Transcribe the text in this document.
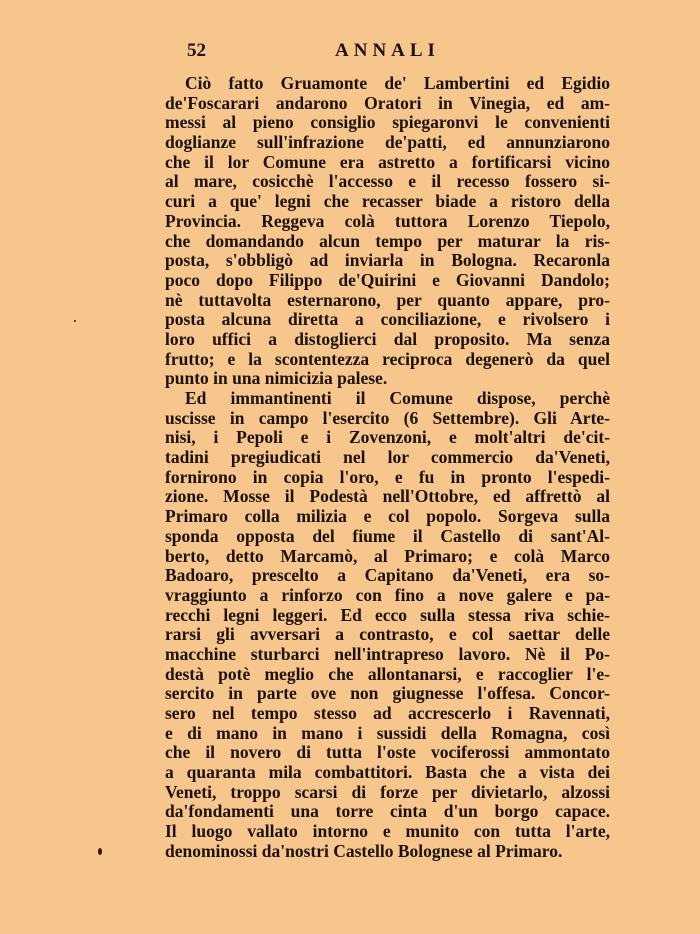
52	ANNALI
Ciò fatto Gruamonte de' Lambertini ed Egidio
de'Foscarari andarono Oratori in Vinegia, ed am-
messi al pieno consiglio spiegaronvi le convenienti
doglianze sull'infrazione de'patti, ed annunziarono
che il lor Comune era astretto a fortificarsi vicino
al mare, cosicchè l'accesso e il recesso fossero si-
curi a que' legni che recasser biade a ristoro della
Provincia. Reggeva colà tuttora Lorenzo Tiepolo,
che domandando alcun tempo per maturar la ris-
posta, s'obbligò ad inviarla in Bologna. Recaronla
poco dopo Filippo de'Quirini e Giovanni Dandolo;
nè tuttavolta esternarono, per quanto appare, pro-
posta alcuna diretta a conciliazione, e rivolsero i
loro uffici a distoglierci dal proposito. Ma senza
frutto; e la scontentezza reciproca degenerò da quel
punto in una nimicizia palese.
Ed immantinenti il Comune dispose, perchè
uscisse in campo l'esercito (6 Settembre). Gli Arte-
nisi, i Pepoli e i Zovenzoni, e molt'altri de'cit-
tadini pregiudicati nel lor commercio da'Veneti,
fornirono in copia l'oro, e fu in pronto l'espedi-
zione. Mosse il Podestà nell'Ottobre, ed affrettò al
Primaro colla milizia e col popolo. Sorgeva sulla
sponda opposta del fiume il Castello di sant'Al-
berto, detto Marcamò, al Primaro; e colà Marco
Badoaro, prescelto a Capitano da'Veneti, era so-
vraggiunto a rinforzo con fino a nove galere e pa-
recchi legni leggeri. Ed ecco sulla stessa riva schie-
rarsi gli avversari a contrasto, e col saettar delle
macchine sturbarci nell'intrapreso lavoro. Nè il Po-
destà potè meglio che allontanarsi, e raccoglier l'e-
sercito in parte ove non giugnesse l'offesa. Concor-
sero nel tempo stesso ad accrescerlo i Ravennati,
e di mano in mano i sussidi della Romagna, così
che il novero di tutta l'oste vociferossi ammontato
a quaranta mila combattitori. Basta che a vista dei
Veneti, troppo scarsi di forze per divietarlo, alzossi
da'fondamenti una torre cinta d'un borgo capace.
Il luogo vallato intorno e munito con tutta l'arte,
denominossi da'nostri Castello Bolognese al Primaro.
